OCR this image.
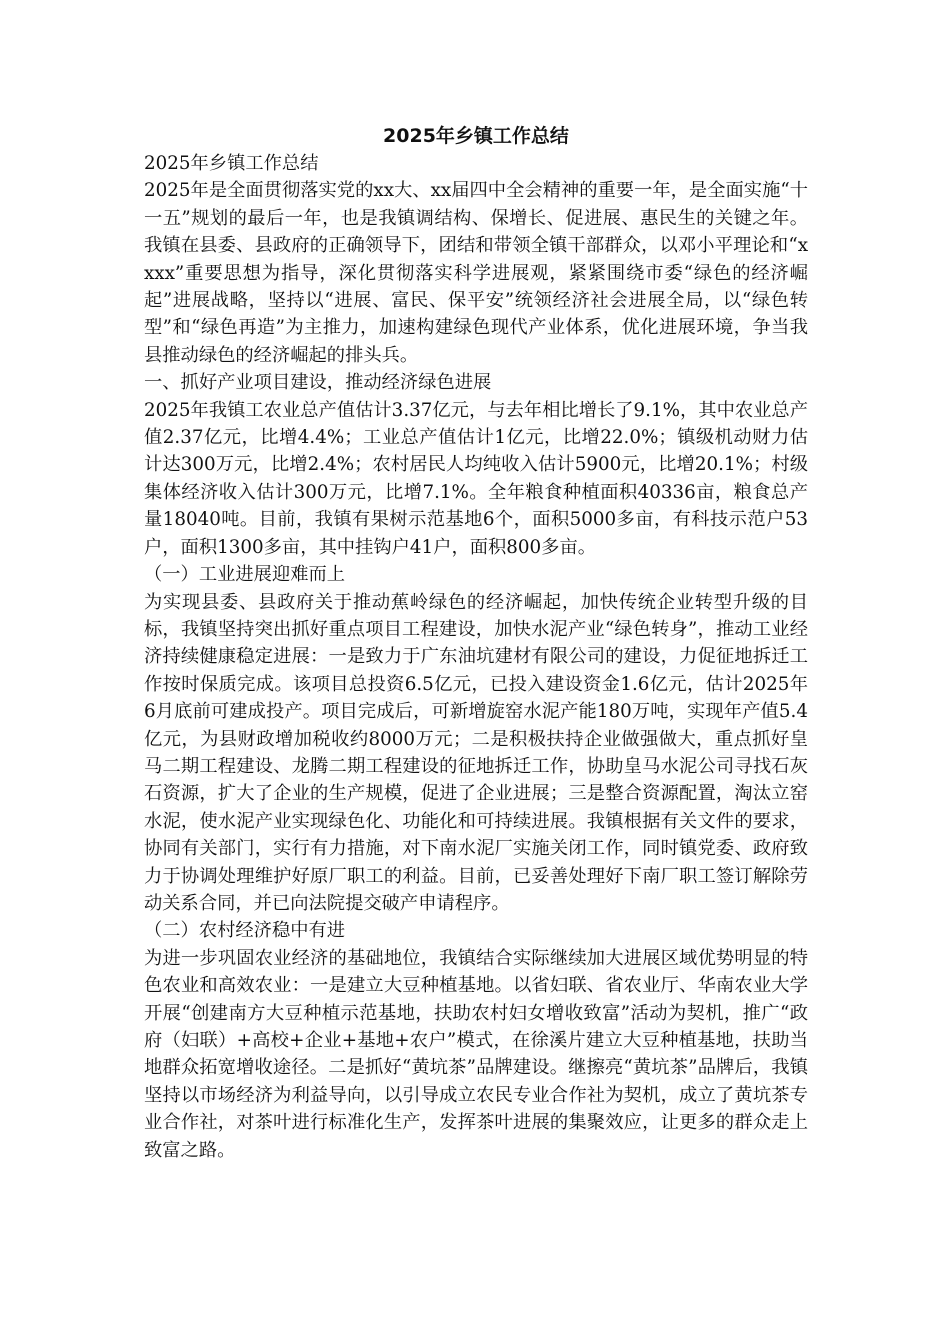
2025年乡镇工作总结

2025年乡镇工作总结

2025年是全面贯彻落实党的xx大、xx届四中全会精神的重要一年，是全面实施“十一五”规划的最后一年，也是我镇调结构、保增长、促进展、惠民生的关键之年。我镇在县委、县政府的正确领导下，团结和带领全镇干部群众，以邓小平理论和“xxxx”重要思想为指导，深化贯彻落实科学进展观，紧紧围绕市委“绿色的经济崛起”进展战略，坚持以“进展、富民、保平安”统领经济社会进展全局，以“绿色转型”和“绿色再造”为主推力，加速构建绿色现代产业体系，优化进展环境，争当我县推动绿色的经济崛起的排头兵。

一、抓好产业项目建设，推动经济绿色进展

2025年我镇工农业总产值估计3.37亿元，与去年相比增长了9.1%，其中农业总产值2.37亿元，比增4.4%；工业总产值估计1亿元，比增22.0%；镇级机动财力估计达300万元，比增2.4%；农村居民人均纯收入估计5900元，比增20.1%；村级集体经济收入估计300万元，比增7.1%。全年粮食种植面积40336亩，粮食总产量18040吨。目前，我镇有果树示范基地6个，面积5000多亩，有科技示范户53户，面积1300多亩，其中挂钩户41户，面积800多亩。

（一）工业进展迎难而上

为实现县委、县政府关于推动蕉岭绿色的经济崛起，加快传统企业转型升级的目标，我镇坚持突出抓好重点项目工程建设，加快水泥产业“绿色转身”，推动工业经济持续健康稳定进展：一是致力于广东油坑建材有限公司的建设，力促征地拆迁工作按时保质完成。该项目总投资6.5亿元，已投入建设资金1.6亿元，估计2025年6月底前可建成投产。项目完成后，可新增旋窑水泥产能180万吨，实现年产值5.4亿元，为县财政增加税收约8000万元；二是积极扶持企业做强做大，重点抓好皇马二期工程建设、龙腾二期工程建设的征地拆迁工作，协助皇马水泥公司寻找石灰石资源，扩大了企业的生产规模，促进了企业进展；三是整合资源配置，淘汰立窑水泥，使水泥产业实现绿色化、功能化和可持续进展。我镇根据有关文件的要求，协同有关部门，实行有力措施，对下南水泥厂实施关闭工作，同时镇党委、政府致力于协调处理维护好原厂职工的利益。目前，已妥善处理好下南厂职工签订解除劳动关系合同，并已向法院提交破产申请程序。

（二）农村经济稳中有进

为进一步巩固农业经济的基础地位，我镇结合实际继续加大进展区域优势明显的特色农业和高效农业：一是建立大豆种植基地。以省妇联、省农业厅、华南农业大学开展“创建南方大豆种植示范基地，扶助农村妇女增收致富”活动为契机，推广“政府（妇联）+高校+企业+基地+农户”模式，在徐溪片建立大豆种植基地，扶助当地群众拓宽增收途径。二是抓好“黄坑茶”品牌建设。继擦亮“黄坑茶”品牌后，我镇坚持以市场经济为利益导向，以引导成立农民专业合作社为契机，成立了黄坑茶专业合作社，对茶叶进行标准化生产，发挥茶叶进展的集聚效应，让更多的群众走上致富之路。
